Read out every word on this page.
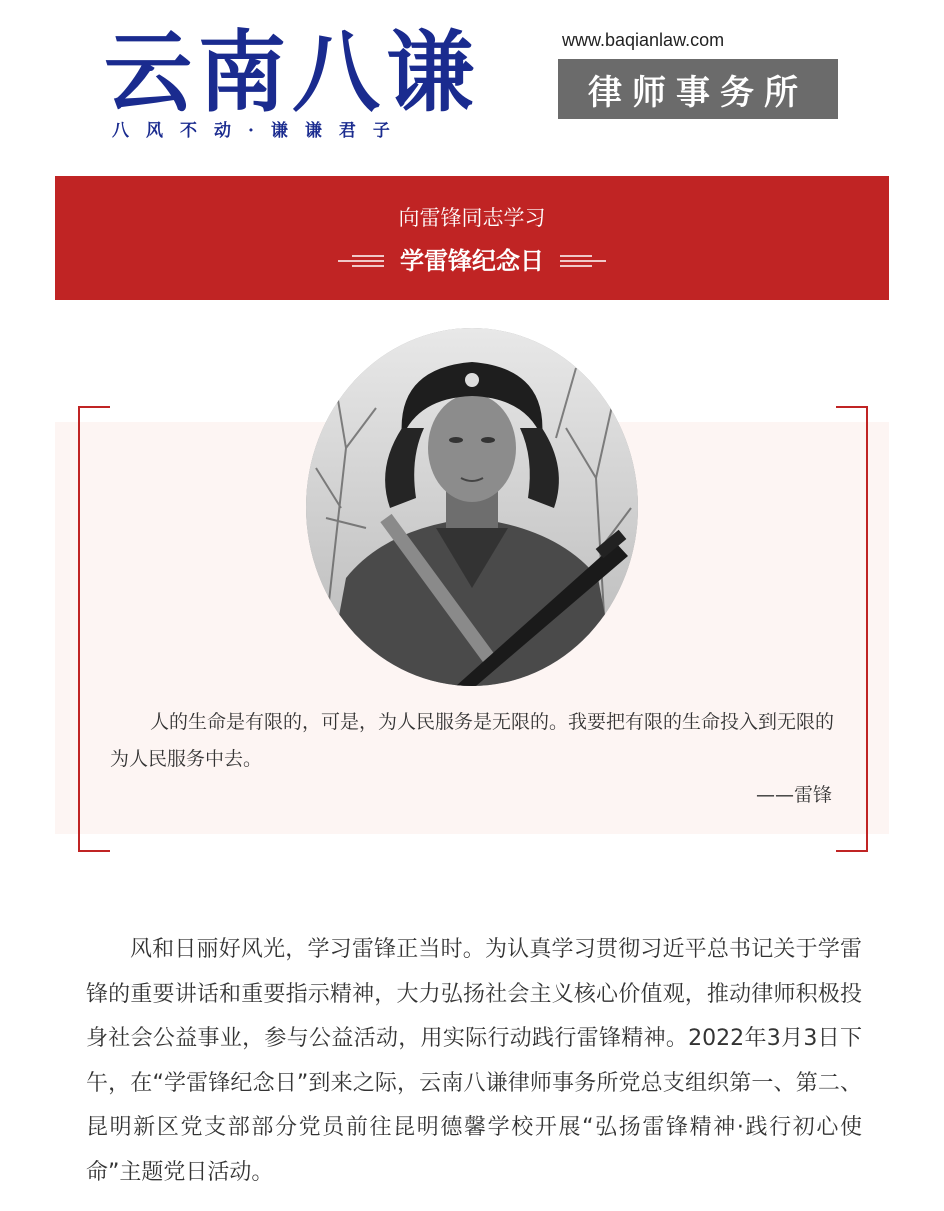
云南八谦
八风不动·谦谦君子
www.baqianlaw.com
律师事务所
向雷锋同志学习
学雷锋纪念日

人的生命是有限的，可是，为人民服务是无限的。我要把有限的生命投入到无限的为人民服务中去。

——雷锋

风和日丽好风光，学习雷锋正当时。为认真学习贯彻习近平总书记关于学雷锋的重要讲话和重要指示精神，大力弘扬社会主义核心价值观，推动律师积极投身社会公益事业，参与公益活动，用实际行动践行雷锋精神。2022年3月3日下午，在“学雷锋纪念日”到来之际，云南八谦律师事务所党总支组织第一、第二、昆明新区党支部部分党员前往昆明德馨学校开展“弘扬雷锋精神·践行初心使命”主题党日活动。
